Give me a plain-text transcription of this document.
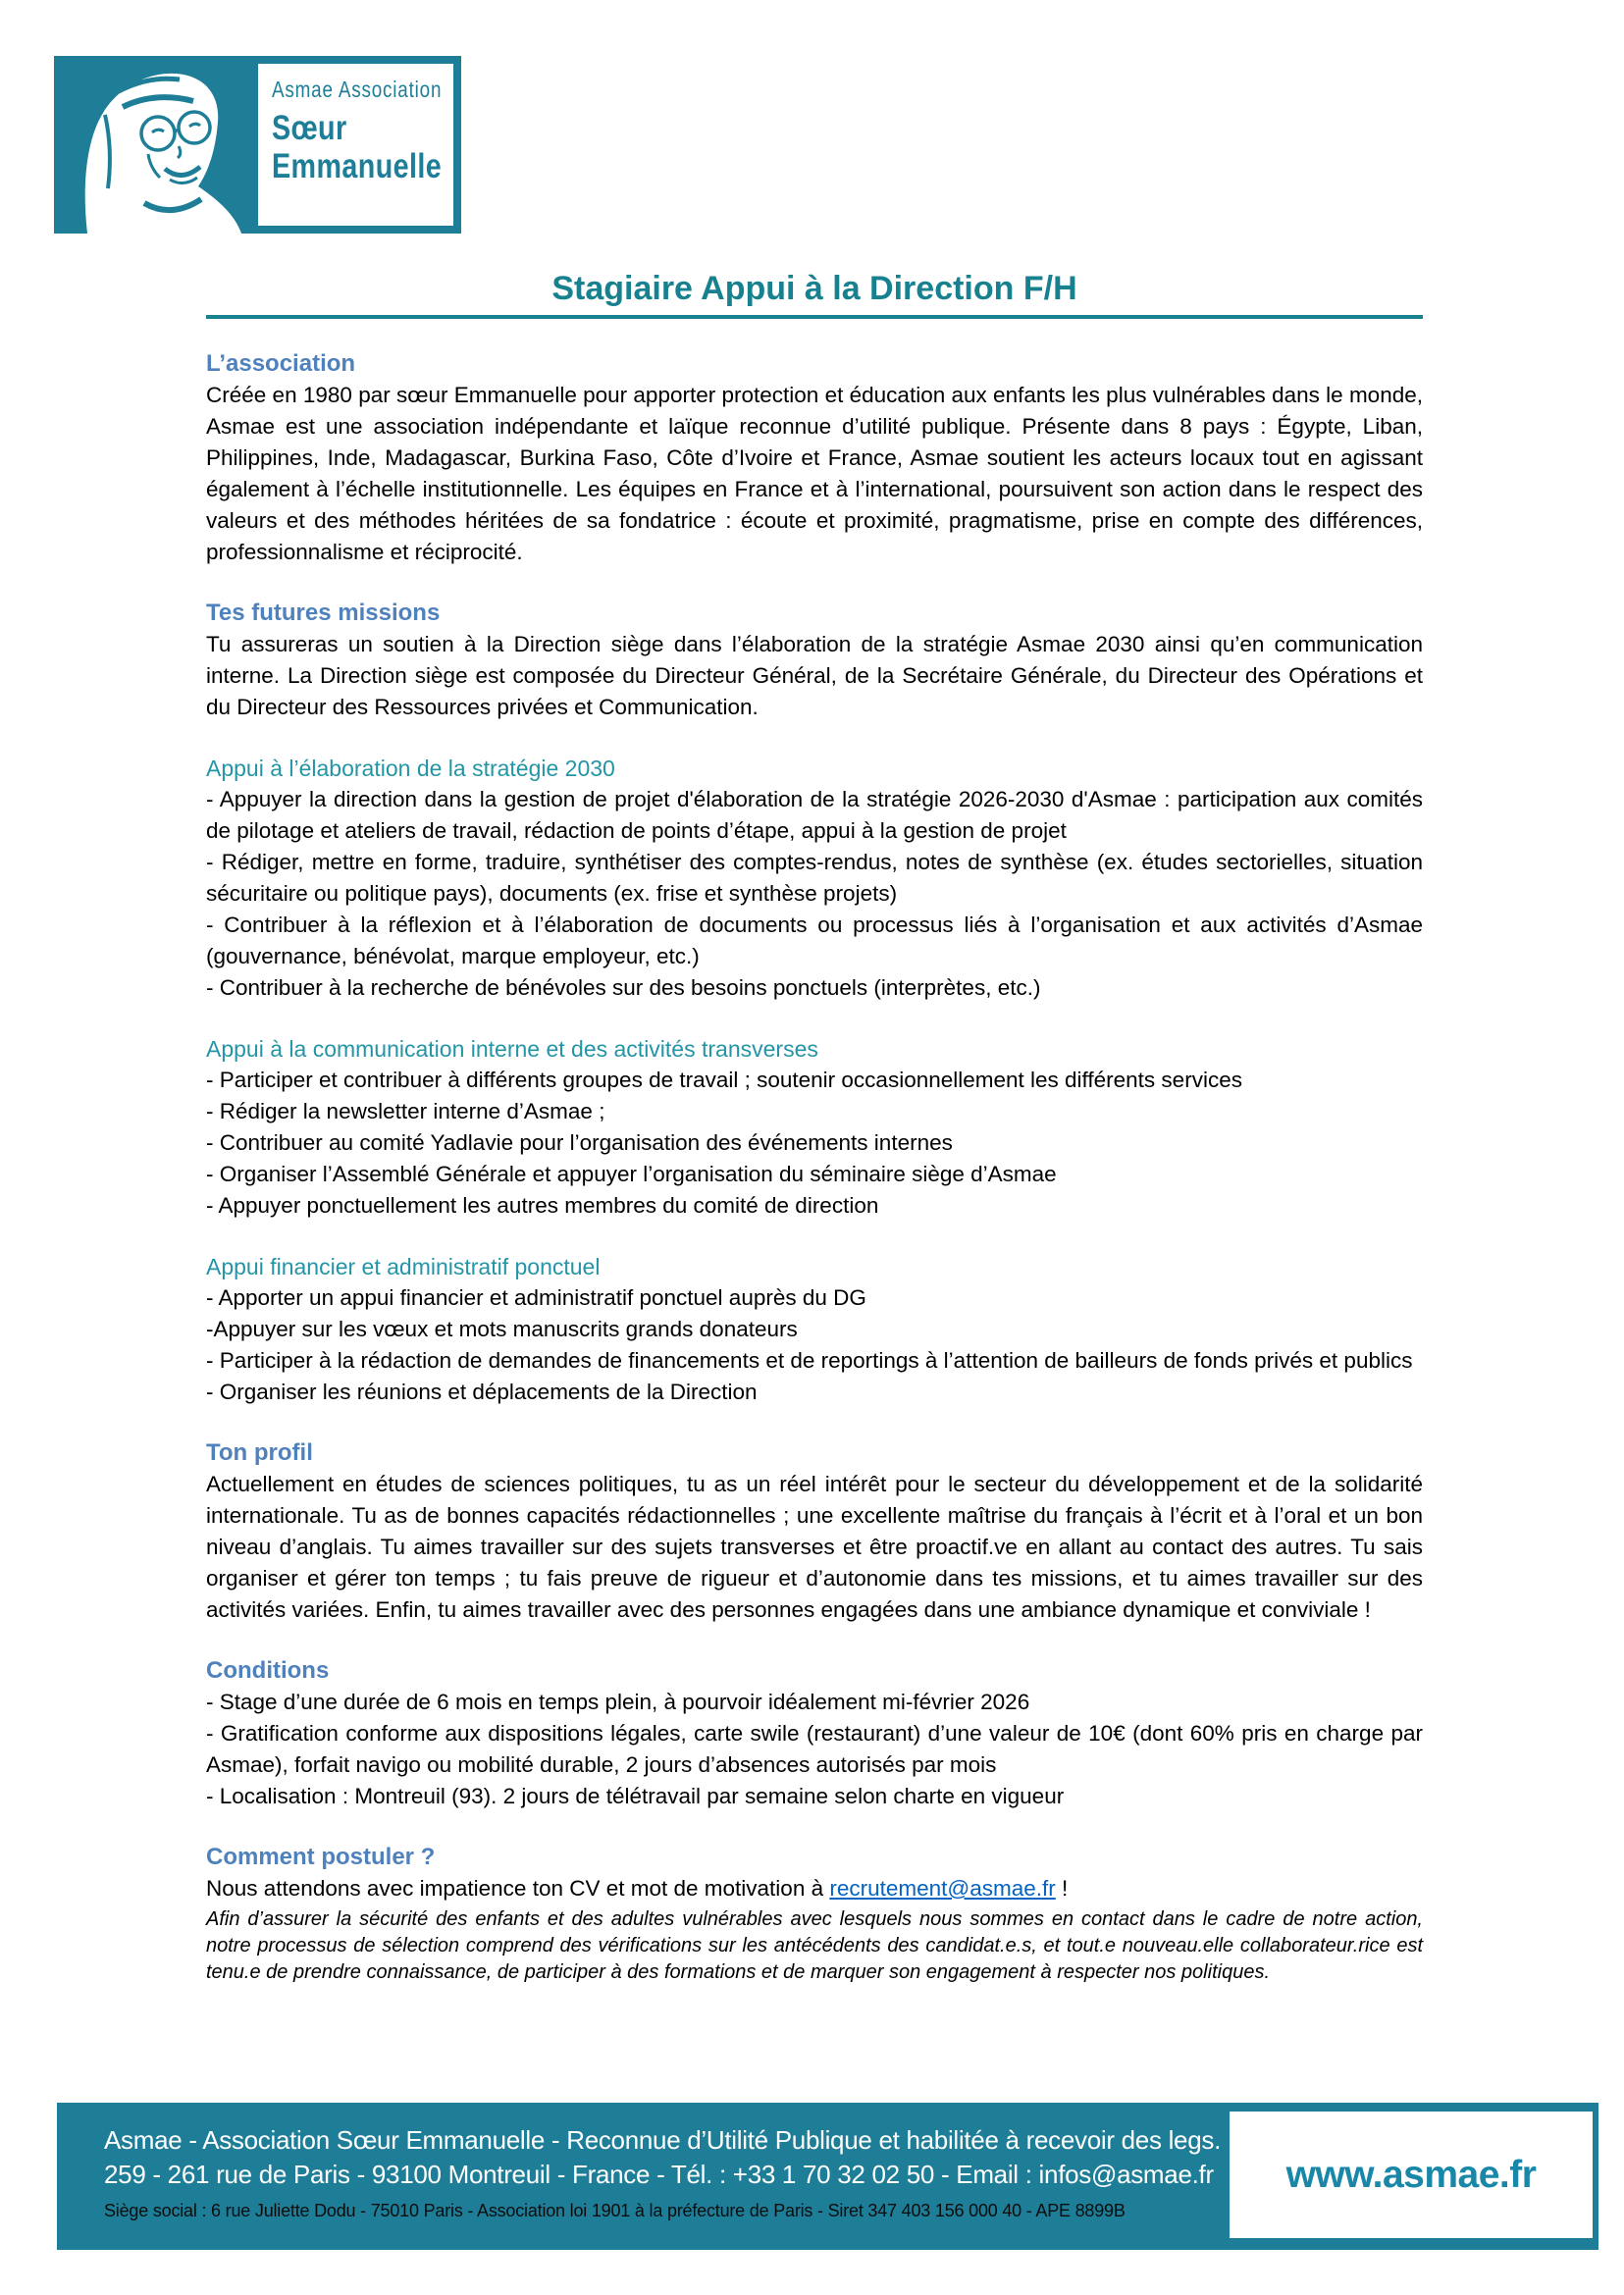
Asmae Association
Sœur
Emmanuelle
Stagiaire Appui à la Direction F/H
L’association

Créée en 1980 par sœur Emmanuelle pour apporter protection et éducation aux enfants les plus vulnérables dans le monde, Asmae est une association indépendante et laïque reconnue d’utilité publique. Présente dans 8 pays : Égypte, Liban, Philippines, Inde, Madagascar, Burkina Faso, Côte d’Ivoire et France, Asmae soutient les acteurs locaux tout en agissant également à l’échelle institutionnelle. Les équipes en France et à l’international, poursuivent son action dans le respect des valeurs et des méthodes héritées de sa fondatrice : écoute et proximité, pragmatisme, prise en compte des différences, professionnalisme et réciprocité.

Tes futures missions

Tu assureras un soutien à la Direction siège dans l’élaboration de la stratégie Asmae 2030 ainsi qu’en communication interne. La Direction siège est composée du Directeur Général, de la Secrétaire Générale, du Directeur des Opérations et du Directeur des Ressources privées et Communication.

Appui à l’élaboration de la stratégie 2030

- Appuyer la direction dans la gestion de projet d'élaboration de la stratégie 2026-2030 d'Asmae : participation aux comités de pilotage et ateliers de travail, rédaction de points d’étape, appui à la gestion de projet

- Rédiger, mettre en forme, traduire, synthétiser des comptes-rendus, notes de synthèse (ex. études sectorielles, situation sécuritaire ou politique pays), documents (ex. frise et synthèse projets)

- Contribuer à la réflexion et à l’élaboration de documents ou processus liés à l’organisation et aux activités d’Asmae (gouvernance, bénévolat, marque employeur, etc.)

- Contribuer à la recherche de bénévoles sur des besoins ponctuels (interprètes, etc.)

Appui à la communication interne et des activités transverses

- Participer et contribuer à différents groupes de travail ; soutenir occasionnellement les différents services

- Rédiger la newsletter interne d’Asmae ;

- Contribuer au comité Yadlavie pour l’organisation des événements internes

- Organiser l’Assemblé Générale et appuyer l’organisation du séminaire siège d’Asmae

- Appuyer ponctuellement les autres membres du comité de direction

Appui financier et administratif ponctuel

- Apporter un appui financier et administratif ponctuel auprès du DG

-Appuyer sur les vœux et mots manuscrits grands donateurs

- Participer à la rédaction de demandes de financements et de reportings à l’attention de bailleurs de fonds privés et publics

- Organiser les réunions et déplacements de la Direction

Ton profil

Actuellement en études de sciences politiques, tu as un réel intérêt pour le secteur du développement et de la solidarité internationale. Tu as de bonnes capacités rédactionnelles ; une excellente maîtrise du français à l’écrit et à l’oral et un bon niveau d’anglais. Tu aimes travailler sur des sujets transverses et être proactif.ve en allant au contact des autres. Tu sais organiser et gérer ton temps ; tu fais preuve de rigueur et d’autonomie dans tes missions, et tu aimes travailler sur des activités variées. Enfin, tu aimes travailler avec des personnes engagées dans une ambiance dynamique et conviviale !

Conditions

- Stage d’une durée de 6 mois en temps plein, à pourvoir idéalement mi-février 2026

- Gratification conforme aux dispositions légales, carte swile (restaurant) d’une valeur de 10€ (dont 60% pris en charge par Asmae), forfait navigo ou mobilité durable, 2 jours d’absences autorisés par mois

- Localisation : Montreuil (93). 2 jours de télétravail par semaine selon charte en vigueur

Comment postuler ?

Nous attendons avec impatience ton CV et mot de motivation à recrutement@asmae.fr !

Afin d’assurer la sécurité des enfants et des adultes vulnérables avec lesquels nous sommes en contact dans le cadre de notre action, notre processus de sélection comprend des vérifications sur les antécédents des candidat.e.s, et tout.e nouveau.elle collaborateur.rice est tenu.e de prendre connaissance, de participer à des formations et de marquer son engagement à respecter nos politiques.

Asmae - Association Sœur Emmanuelle - Reconnue d’Utilité Publique et habilitée à recevoir des legs.
259 - 261 rue de Paris - 93100 Montreuil - France - Tél. : +33 1 70 32 02 50 - Email : infos@asmae.fr
Siège social : 6 rue Juliette Dodu - 75010 Paris - Association loi 1901 à la préfecture de Paris - Siret 347 403 156 000 40 - APE 8899B
www.asmae.fr
